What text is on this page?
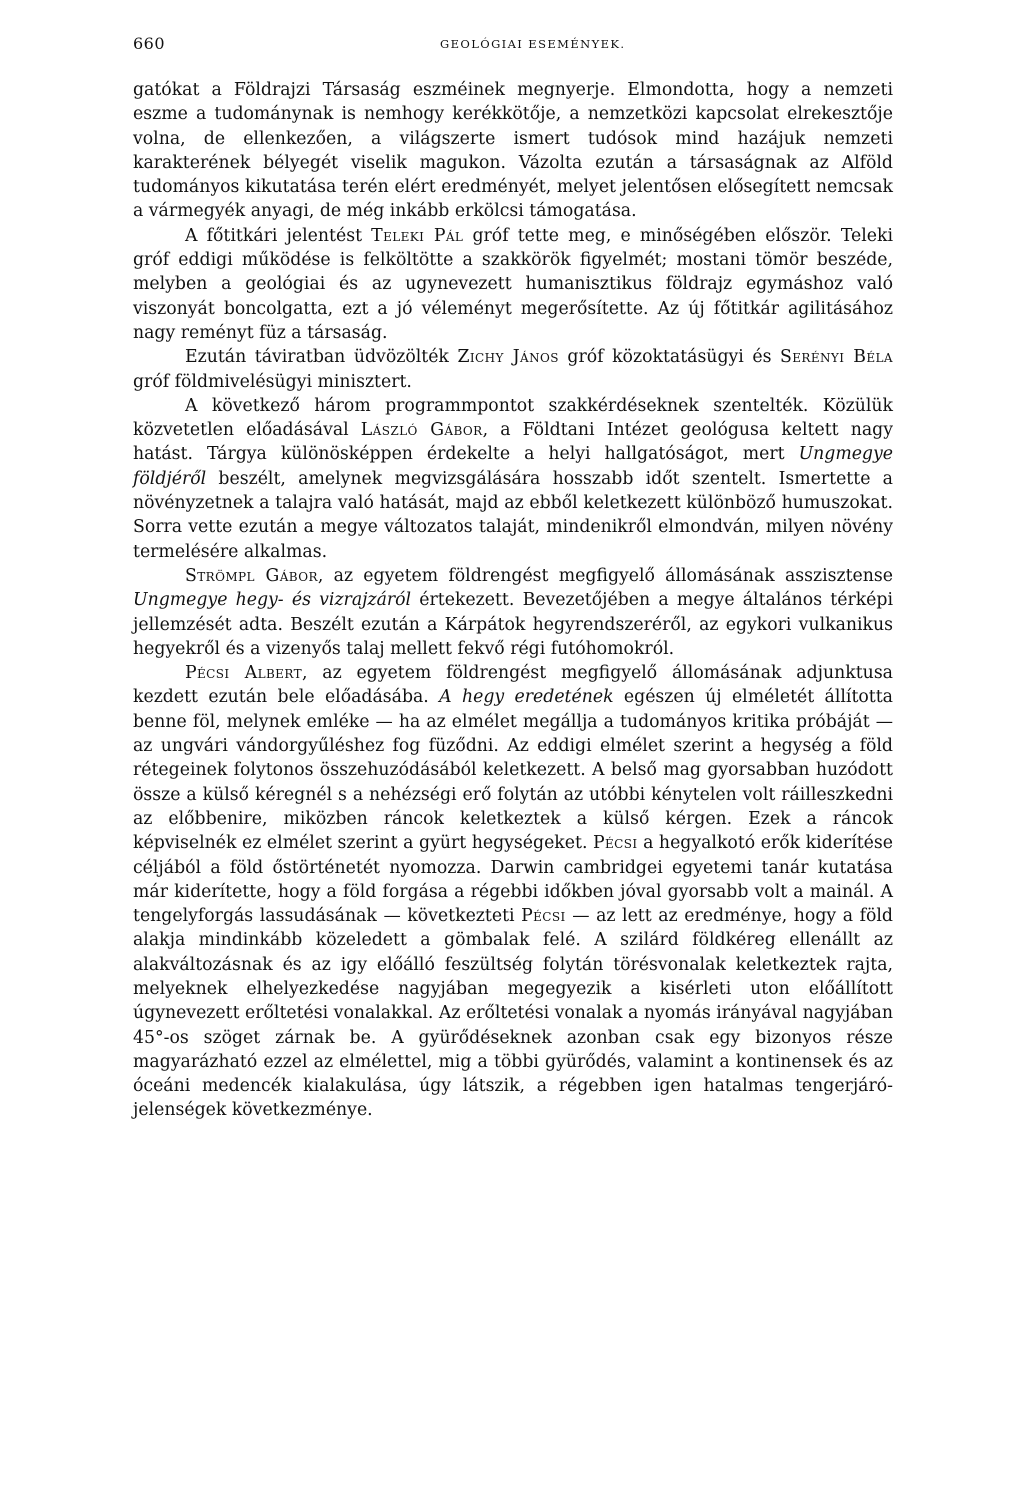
660	GEOLÓGIAI ESEMÉNYEK.

gatókat a Földrajzi Társaság eszméinek megnyerje. Elmondotta, hogy a nemzeti eszme a tudománynak is nemhogy kerékkötője, a nemzetközi kapcsolat elrekesztője volna, de ellenkezően, a világszerte ismert tudósok mind hazájuk nemzeti karakterének bélyegét viselik magukon. Vázolta ezután a társaságnak az Alföld tudományos kikutatása terén elért eredményét, melyet jelentősen elősegített nemcsak a vármegyék anyagi, de még inkább erkölcsi támogatása.

A főtitkári jelentést Teleki Pál gróf tette meg, e minőségében először. Teleki gróf eddigi működése is felköltötte a szakkörök figyelmét; mostani tömör beszéde, melyben a geológiai és az ugynevezett humanisztikus földrajz egymáshoz való viszonyát boncolgatta, ezt a jó véleményt megerősítette. Az új főtitkár agilitásához nagy reményt füz a társaság.

Ezután táviratban üdvözölték Zichy János gróf közoktatásügyi és Serényi Béla gróf földmivelésügyi minisztert.

A következő három programmpontot szakkérdéseknek szentelték. Közülük közvetetlen előadásával László Gábor, a Földtani Intézet geológusa keltett nagy hatást. Tárgya különösképpen érdekelte a helyi hallgatóságot, mert Ungmegye földjéről beszélt, amelynek megvizsgálására hosszabb időt szentelt. Ismertette a növényzetnek a talajra való hatását, majd az ebből keletkezett különböző humuszokat. Sorra vette ezután a megye változatos talaját, mindenikről elmondván, milyen növény termelésére alkalmas.

Strömpl Gábor, az egyetem földrengést megfigyelő állomásának asszisztense Ungmegye hegy- és vizrajzáról értekezett. Bevezetőjében a megye általános térképi jellemzését adta. Beszélt ezután a Kárpátok hegyrendszeréről, az egykori vulkanikus hegyekről és a vizenyős talaj mellett fekvő régi futóhomokról.

Pécsi Albert, az egyetem földrengést megfigyelő állomásának adjunktusa kezdett ezután bele előadásába. A hegy eredetének egészen új elméletét állította benne föl, melynek emléke — ha az elmélet megállja a tudományos kritika próbáját — az ungvári vándorgyűléshez fog füződni. Az eddigi elmélet szerint a hegység a föld rétegeinek folytonos összehuzódásából keletkezett. A belső mag gyorsabban huzódott össze a külső kéregnél s a nehézségi erő folytán az utóbbi kénytelen volt ráilleszkedni az előbbenire, miközben ráncok keletkeztek a külső kérgen. Ezek a ráncok képviselnék ez elmélet szerint a gyürt hegységeket. Pécsi a hegyalkotó erők kiderítése céljából a föld őstörténetét nyomozza. Darwin cambridgei egyetemi tanár kutatása már kiderítette, hogy a föld forgása a régebbi időkben jóval gyorsabb volt a mainál. A tengelyforgás lassudásának — következteti Pécsi — az lett az eredménye, hogy a föld alakja mindinkább közeledett a gömbalak felé. A szilárd földkéreg ellenállt az alakváltozásnak és az igy előálló feszültség folytán törésvonalak keletkeztek rajta, melyeknek elhelyezkedése nagyjában megegyezik a kisérleti uton előállított úgynevezett erőltetési vonalakkal. Az erőltetési vonalak a nyomás irányával nagyjában 45°-os szöget zárnak be. A gyürődéseknek azonban csak egy bizonyos része magyarázható ezzel az elmélettel, mig a többi gyürődés, valamint a kontinensek és az óceáni medencék kialakulása, úgy látszik, a régebben igen hatalmas tengerjáró-jelenségek következménye.
